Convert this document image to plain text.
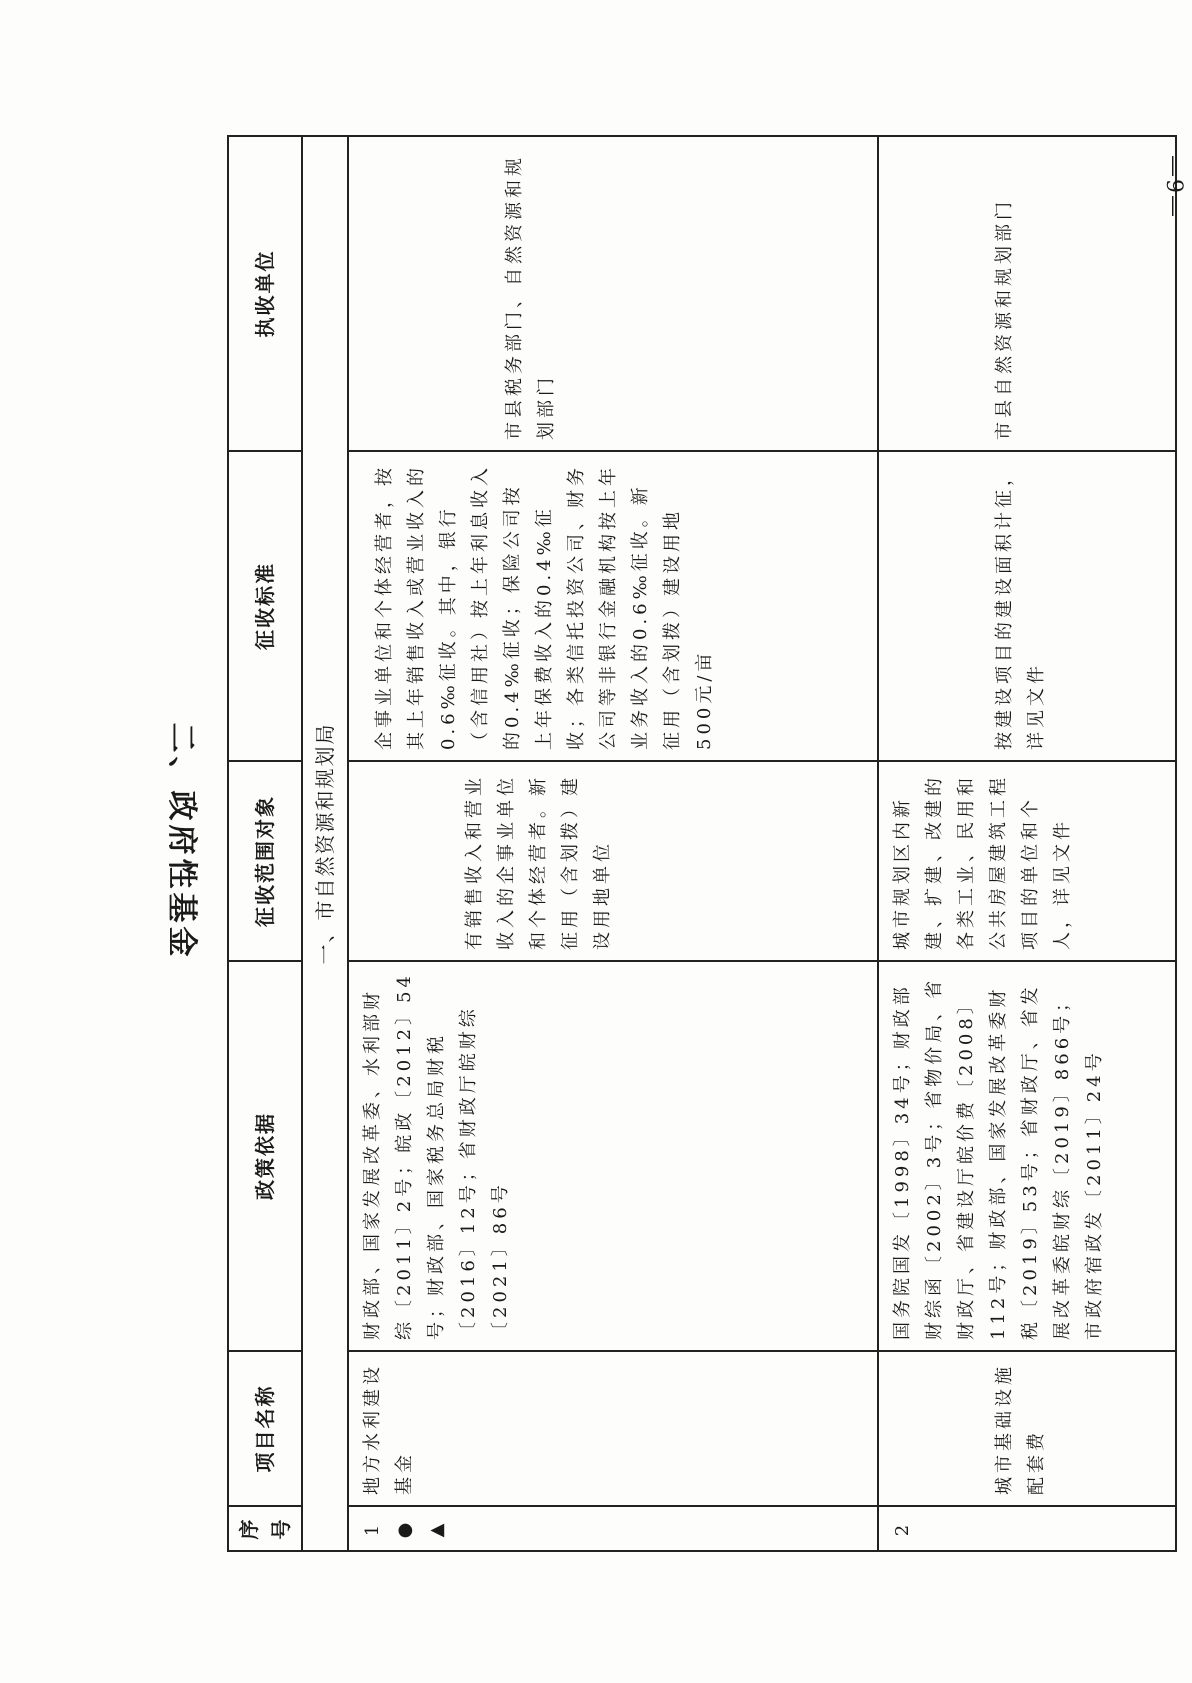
二、政府性基金
序号	项目名称	政策依据	征收范围对象	征收标准	执收单位
一、市自然资源和规划局					
1 ● ▲	地方水利建设基金	财政部、国家发展改革委、水利部财综〔2011〕2号；皖政〔2012〕54号；财政部、国家税务总局财税〔2016〕12号；省财政厅皖财综〔2021〕86号	有销售收入和营业收入的企事业单位和个体经营者。新征用（含划拨）建设用地单位	企事业单位和个体经营者，按其上年销售收入或营业收入的0.6‰征收。其中，银行（含信用社）按上年利息收入的0.4‰征收；保险公司按上年保费收入的0.4‰征收；各类信托投资公司、财务公司等非银行金融机构按上年业务收入的0.6‰征收。新征用（含划拨）建设用地500元/亩	市县税务部门、自然资源和规划部门

2	城市基础设施配套费	国务院国发〔1998〕34号；财政部财综函〔2002〕3号；省物价局、省财政厅、省建设厅皖价费〔2008〕112号；财政部、国家发展改革委财税〔2019〕53号；省财政厅、省发展改革委皖财综〔2019〕866号；市政府宿政发〔2011〕24号	城市规划区内新建、扩建、改建的各类工业、民用和公共房屋建筑工程项目的单位和个人，详见文件	按建设项目的建设面积计征，详见文件	市县自然资源和规划部门
—9—
